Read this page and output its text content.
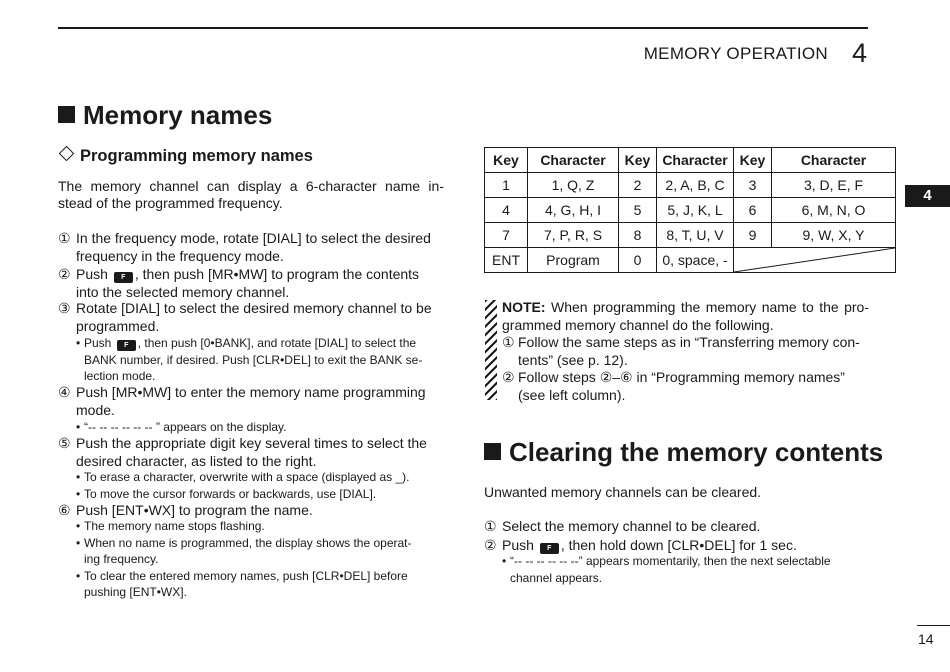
MEMORY OPERATION 4
4
Memory names
Programming memory names
The memory channel can display a 6-character name in-
stead of the programmed frequency.
① In the frequency mode, rotate [DIAL] to select the desired
frequency in the frequency mode.
② Push F , then push [MR•MW] to program the contents
into the selected memory channel.
③ Rotate [DIAL] to select the desired memory channel to be
programmed.
• Push F , then push [0•BANK], and rotate [DIAL] to select the
BANK number, if desired. Push [CLR•DEL] to exit the BANK se-
lection mode.
④ Push [MR•MW] to enter the memory name programming
mode.
• “-- -- -- -- -- -- ” appears on the display.
⑤ Push the appropriate digit key several times to select the
desired character, as listed to the right.
• To erase a character, overwrite with a space (displayed as _).
• To move the cursor forwards or backwards, use [DIAL].
⑥ Push [ENT•WX] to program the name.
• The memory name stops flashing.
• When no name is programmed, the display shows the operat-
ing frequency.
• To clear the entered memory names, push [CLR•DEL] before
pushing [ENT•WX].
Key	Character	Key	Character	Key	Character
1	1, Q, Z	2	2, A, B, C	3	3, D, E, F
4	4, G, H, I	5	5, J, K, L	6	6, M, N, O
7	7, P, R, S	8	8, T, U, V	9	9, W, X, Y
ENT	Program	0	0, space, -	
NOTE: When programming the memory name to the pro-
grammed memory channel do the following.
① Follow the same steps as in “Transferring memory con-
tents” (see p. 12).
② Follow steps ②–⑥ in “Programming memory names”
(see left column).
Clearing the memory contents
Unwanted memory channels can be cleared.
① Select the memory channel to be cleared.
② Push F , then hold down [CLR•DEL] for 1 sec.
• “-- -- -- -- -- --” appears momentarily, then the next selectable
channel appears.
14
